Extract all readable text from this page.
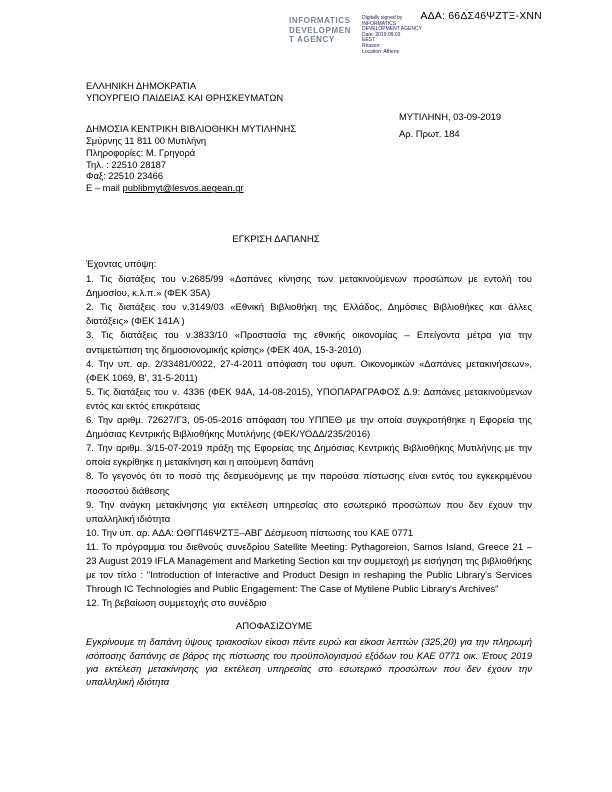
ΑΔΑ: 66ΔΣ46ΨΖΤΞ-ΧΝΝ
INFORMATICS
DEVELOPMEN
T AGENCY
Digitally signed by
INFORMATICS
DEVELOPMENT AGENCY
Date: 2019.09.03
EEST
Reason:
Location: Athens
ΕΛΛΗΝΙΚΗ ΔΗΜΟΚΡΑΤΙΑ
ΥΠΟΥΡΓΕΙΟ ΠΑΙΔΕΙΑΣ ΚΑΙ ΘΡΗΣΚΕΥΜΑΤΩΝ
ΔΗΜΟΣΙΑ ΚΕΝΤΡΙΚΗ ΒΙΒΛΙΟΘΗΚΗ ΜΥΤΙΛΗΝΗΣ
Σμύρνης 11 811 00 Μυτιλήνη
Πληροφορίες: Μ. Γρηγορά
Τηλ. : 22510 28187
Φαξ: 22510 23466
E – mail publibmyt@lesvos.aegean.gr
ΜΥΤΙΛΗΝΗ, 03-09-2019
Αρ. Πρωτ. 184
ΕΓΚΡΙΣΗ ΔΑΠΑΝΗΣ

Έχοντας υπόψη:

1. Τις διατάξεις του ν.2685/99 «Δαπάνες κίνησης των μετακινούμενων προσώπων με εντολή του Δημοσίου, κ.λ.π.» (ΦΕΚ 35Α)

2. Τις διατάξεις του ν.3149/03 «Εθνική Βιβλιοθήκη της Ελλάδος, Δημόσιες Βιβλιοθήκες και άλλες διατάξεις» (ΦΕΚ 141Α )

3. Τις διατάξεις του ν.3833/10 «Προστασία της εθνικής οικονομίας – Επείγοντα μέτρα για την αντιμετώπιση της δημοσιονομικής κρίσης» (ΦΕΚ 40Α, 15-3-2010)

4. Την υπ. αρ. 2/33481/0022, 27-4-2011 απόφαση του υφυπ. Οικονομικών «Δαπάνες μετακινήσεων», (ΦΕΚ 1069, Β', 31-5-2011)

5. Τις διατάξεις του ν. 4336 (ΦΕΚ 94Α, 14-08-2015), ΥΠΟΠΑΡΑΓΡΑΦΟΣ Δ.9: Δαπάνες μετακινούμενων εντός και εκτός επικράτειας

6. Την αριθμ. 72627/Γ3, 05-05-2016 απόφαση του ΥΠΠΕΘ με την οποία συγκροτήθηκε η Εφορεία της Δημόσιας Κεντρικής Βιβλιοθήκης Μυτιλήνης (ΦΕΚ/ΥΟΔΔ/235/2016)

7. Την αριθμ. 3/15-07-2019 πράξη της Εφορείας της Δημόσιας Κεντρικής Βιβλιοθήκης Μυτιλήνης με την οποία εγκρίθηκε η μετακίνηση και η αιτούμενη δαπάνη

8. Το γεγονός ότι το ποσό της δεσμευόμενης με την παρούσα πίστωσης είναι εντός του εγκεκριμένου ποσοστού διάθεσης

9. Την ανάγκη μετακίνησης για εκτέλεση υπηρεσίας στο εσωτερικό προσώπων που δεν έχουν την υπαλληλική ιδιότητα

10. Την υπ. αρ. ΑΔΑ: ΩΘΓΠ46ΨΖΤΞ–ΑΒΓ Δέσμευση πίστωσης του ΚΑΕ 0771

11. Το πρόγραμμα του διεθνούς συνεδρίου Satellite Meeting: Pythagoreion, Samos Island, Greece 21 – 23 August 2019 IFLA Management and Marketing Section και την συμμετοχή με εισήγηση της βιβλιοθήκης με τον τίτλο : "Introduction of Interactive and Product Design in reshaping the Public Library's Services Through IC Technologies and Public Engagement: The Case of Mytilene Public Library's Archives"

12. Τη βεβαίωση συμμετοχής στο συνέδριο

ΑΠΟΦΑΣΙΖΟΥΜΕ

Εγκρίνουμε τη δαπάνη ύψους τριακοσίων είκοσι πέντε ευρώ και είκοσι λεπτών (325,20) για την πληρωμή ισόποσης δαπάνης σε βάρος της πίστωσης του προϋπολογισμού εξόδων του ΚΑΕ 0771 οικ. Έτους 2019 για εκτέλεση μετακίνησης για εκτέλεση υπηρεσίας στο εσωτερικό προσώπων που δεν έχουν την υπαλληλική ιδιότητα
